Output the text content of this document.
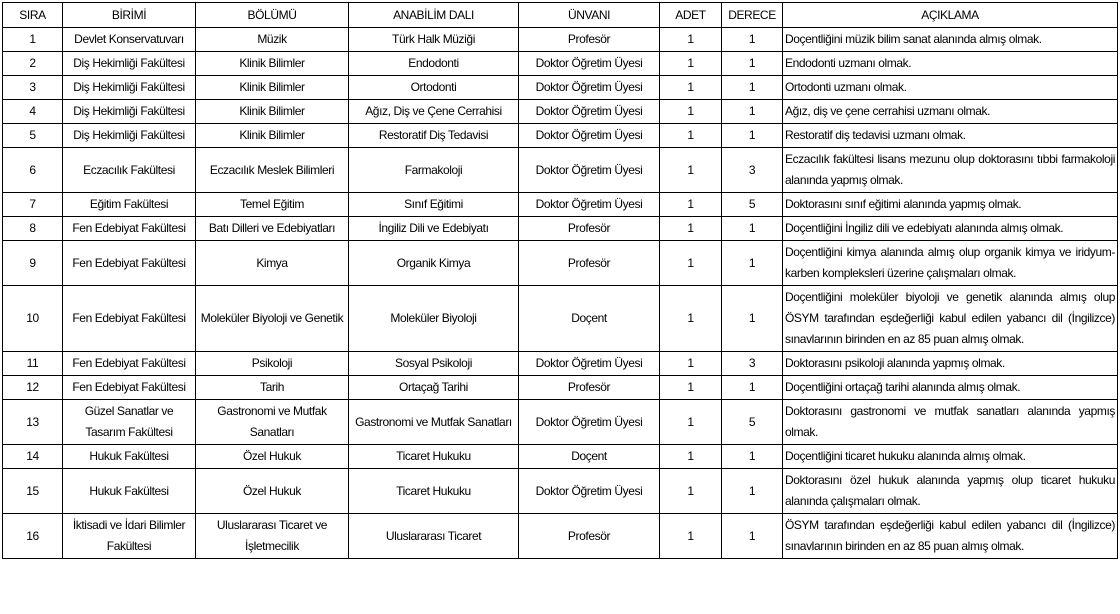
SIRA	BİRİMİ	BÖLÜMÜ	ANABİLİM DALI	ÜNVANI	ADET	DERECE	AÇIKLAMA
1	Devlet Konservatuvarı	Müzik	Türk Halk Müziği	Profesör	1	1	Doçentliğini müzik bilim sanat alanında almış olmak.
2	Diş Hekimliği Fakültesi	Klinik Bilimler	Endodonti	Doktor Öğretim Üyesi	1	1	Endodonti uzmanı olmak.
3	Diş Hekimliği Fakültesi	Klinik Bilimler	Ortodonti	Doktor Öğretim Üyesi	1	1	Ortodonti uzmanı olmak.
4	Diş Hekimliği Fakültesi	Klinik Bilimler	Ağız, Diş ve Çene Cerrahisi	Doktor Öğretim Üyesi	1	1	Ağız, diş ve çene cerrahisi uzmanı olmak.
5	Diş Hekimliği Fakültesi	Klinik Bilimler	Restoratif Diş Tedavisi	Doktor Öğretim Üyesi	1	1	Restoratif diş tedavisi uzmanı olmak.
6	Eczacılık Fakültesi	Eczacılık Meslek Bilimleri	Farmakoloji	Doktor Öğretim Üyesi	1	3	Eczacılık fakültesi lisans mezunu olup doktorasını tıbbi farmakoloji alanında yapmış olmak.
7	Eğitim Fakültesi	Temel Eğitim	Sınıf Eğitimi	Doktor Öğretim Üyesi	1	5	Doktorasını sınıf eğitimi alanında yapmış olmak.
8	Fen Edebiyat Fakültesi	Batı Dilleri ve Edebiyatları	İngiliz Dili ve Edebiyatı	Profesör	1	1	Doçentliğini İngiliz dili ve edebiyatı alanında almış olmak.
9	Fen Edebiyat Fakültesi	Kimya	Organik Kimya	Profesör	1	1	Doçentliğini kimya alanında almış olup organik kimya ve iridyum-karben kompleksleri üzerine çalışmaları olmak.
10	Fen Edebiyat Fakültesi	Moleküler Biyoloji ve Genetik	Moleküler Biyoloji	Doçent	1	1	Doçentliğini moleküler biyoloji ve genetik alanında almış olup ÖSYM tarafından eşdeğerliği kabul edilen yabancı dil (İngilizce) sınavlarının birinden en az 85 puan almış olmak.
11	Fen Edebiyat Fakültesi	Psikoloji	Sosyal Psikoloji	Doktor Öğretim Üyesi	1	3	Doktorasını psikoloji alanında yapmış olmak.
12	Fen Edebiyat Fakültesi	Tarih	Ortaçağ Tarihi	Profesör	1	1	Doçentliğini ortaçağ tarihi alanında almış olmak.
13	Güzel Sanatlar ve Tasarım Fakültesi	Gastronomi ve Mutfak Sanatları	Gastronomi ve Mutfak Sanatları	Doktor Öğretim Üyesi	1	5	Doktorasını gastronomi ve mutfak sanatları alanında yapmış olmak.
14	Hukuk Fakültesi	Özel Hukuk	Ticaret Hukuku	Doçent	1	1	Doçentliğini ticaret hukuku alanında almış olmak.
15	Hukuk Fakültesi	Özel Hukuk	Ticaret Hukuku	Doktor Öğretim Üyesi	1	1	Doktorasını özel hukuk alanında yapmış olup ticaret hukuku alanında çalışmaları olmak.
16	İktisadi ve İdari Bilimler Fakültesi	Uluslararası Ticaret ve İşletmecilik	Uluslararası Ticaret	Profesör	1	1	ÖSYM tarafından eşdeğerliği kabul edilen yabancı dil (İngilizce) sınavlarının birinden en az 85 puan almış olmak.
